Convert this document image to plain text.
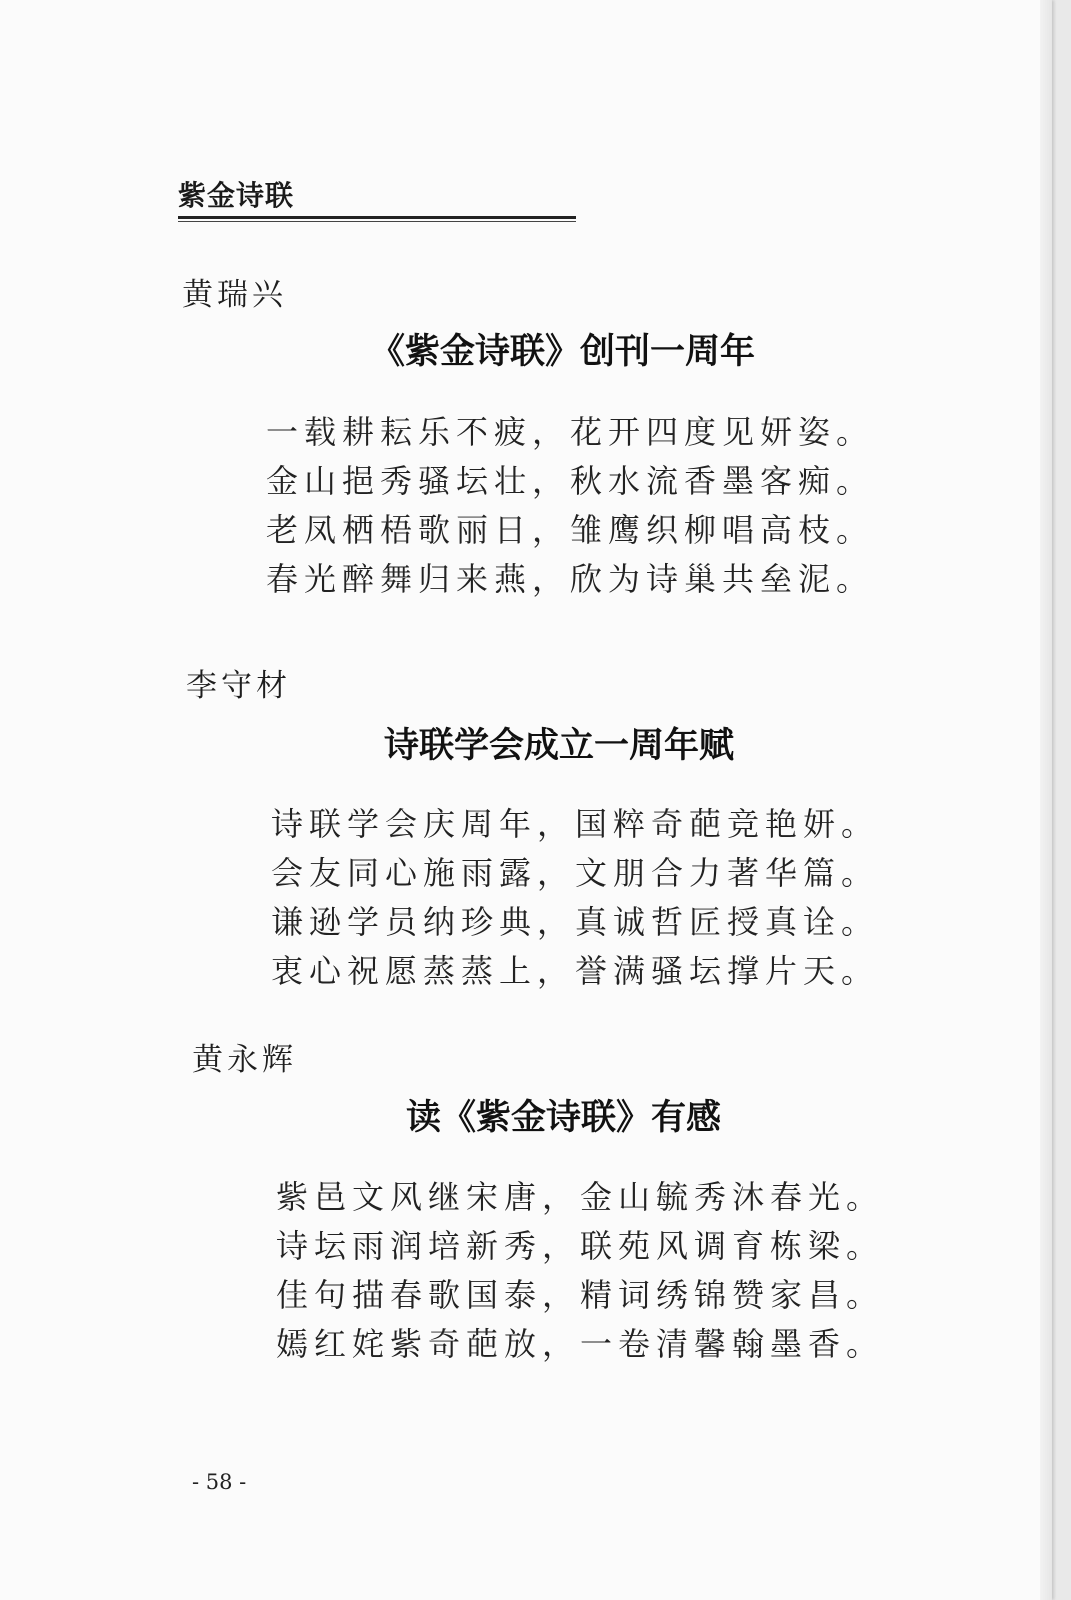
紫金诗联
黄瑞兴
《紫金诗联》创刊一周年
一载耕耘乐不疲，花开四度见妍姿。
金山挹秀骚坛壮，秋水流香墨客痴。
老凤栖梧歌丽日，雏鹰织柳唱高枝。
春光醉舞归来燕，欣为诗巢共垒泥。
李守材
诗联学会成立一周年赋
诗联学会庆周年，国粹奇葩竞艳妍。
会友同心施雨露，文朋合力著华篇。
谦逊学员纳珍典，真诚哲匠授真诠。
衷心祝愿蒸蒸上，誉满骚坛撑片天。
黄永辉
读《紫金诗联》有感
紫邑文风继宋唐，金山毓秀沐春光。
诗坛雨润培新秀，联苑风调育栋梁。
佳句描春歌国泰，精词绣锦赞家昌。
嫣红姹紫奇葩放，一卷清馨翰墨香。
- 58 -
